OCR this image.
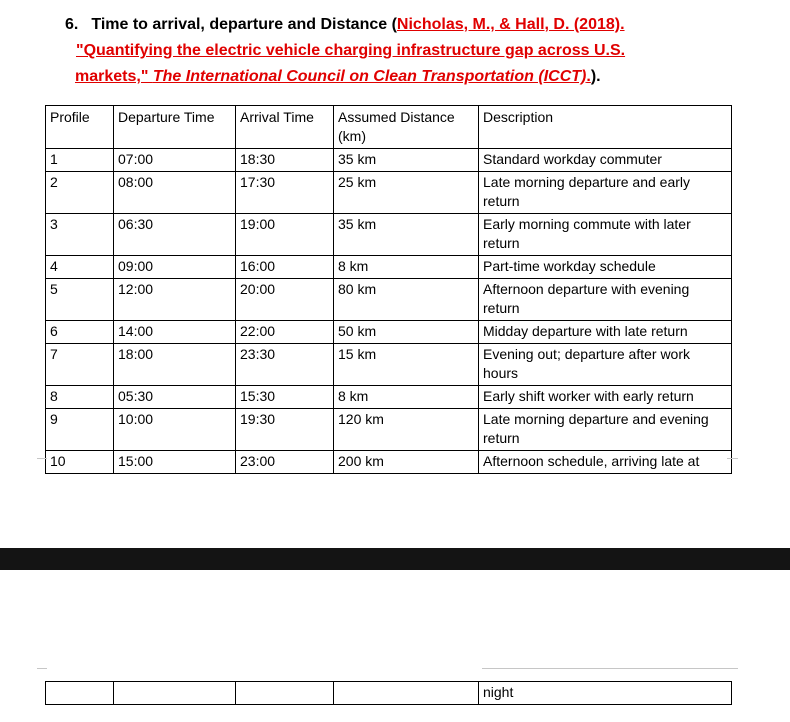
6. Time to arrival, departure and Distance (Nicholas, M., & Hall, D. (2018).
"Quantifying the electric vehicle charging infrastructure gap across U.S.
markets," The International Council on Clean Transportation (ICCT).).
Profile	Departure Time	Arrival Time	Assumed Distance (km)	Description
1	07:00	18:30	35 km	Standard workday commuter
2	08:00	17:30	25 km	Late morning departure and early return
3	06:30	19:00	35 km	Early morning commute with later return
4	09:00	16:00	8 km	Part-time workday schedule
5	12:00	20:00	80 km	Afternoon departure with evening return
6	14:00	22:00	50 km	Midday departure with late return
7	18:00	23:30	15 km	Evening out; departure after work hours
8	05:30	15:30	8 km	Early shift worker with early return
9	10:00	19:30	120 km	Late morning departure and evening return
10	15:00	23:00	200 km	Afternoon schedule, arriving late at
				night
